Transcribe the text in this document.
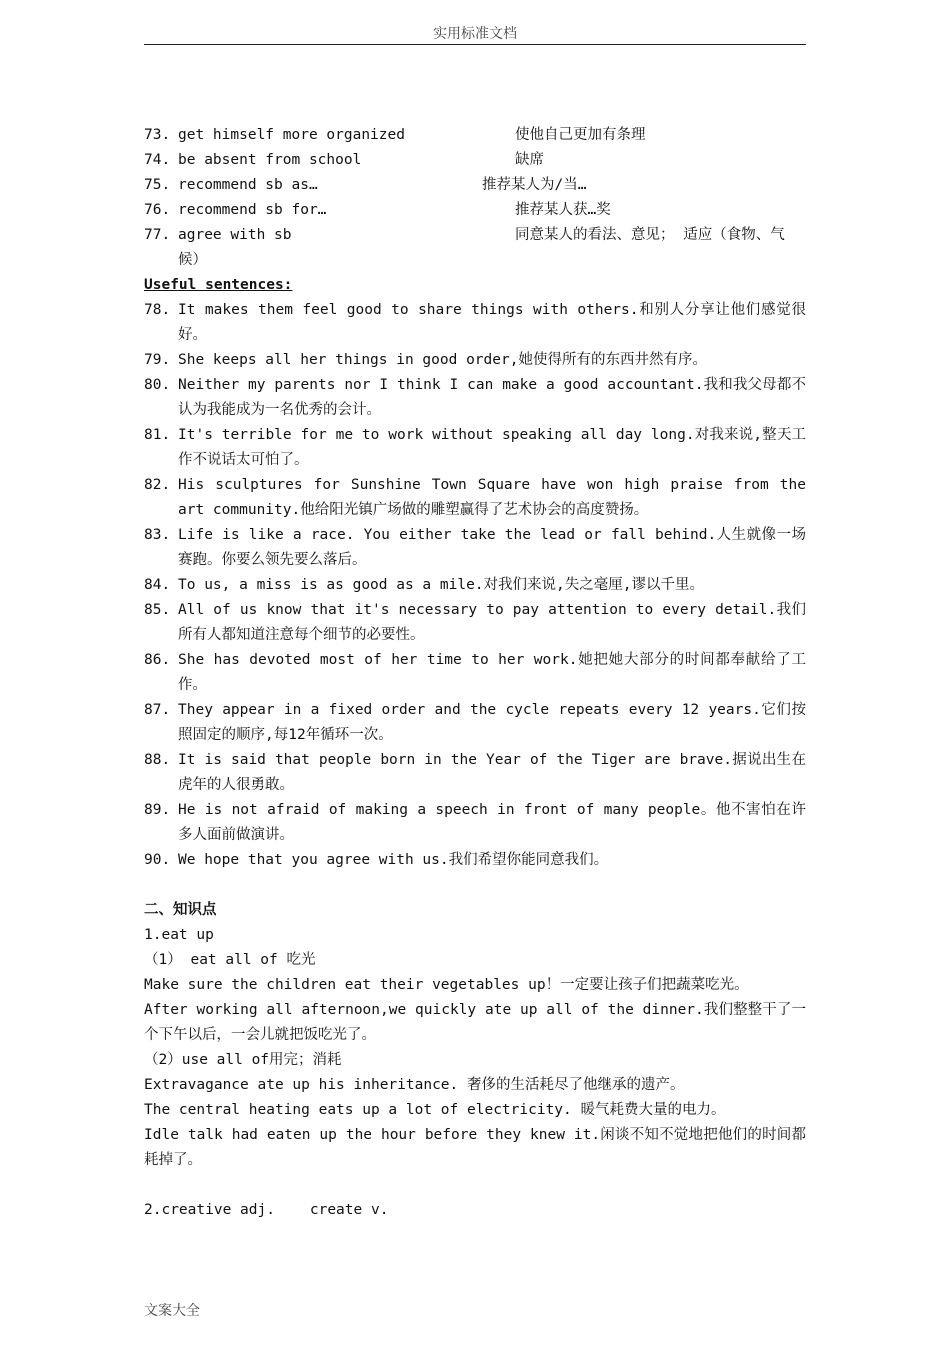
实用标准文档
73. get himself more organized	使他自己更加有条理
74. be absent from school	缺席
75. recommend sb as…	推荐某人为/当…
76. recommend sb for…	推荐某人获…奖
77. agree with sb	同意某人的看法、意见； 适应（食物、气
候）
Useful sentences:
78. It makes them feel good to share things with others.和别人分享让他们感觉很好。
79. She keeps all her things in good order,她使得所有的东西井然有序。
80. Neither my parents nor I think I can make a good accountant.我和我父母都不认为我能成为一名优秀的会计。
81. It's terrible for me to work without speaking all day long.对我来说,整天工作不说话太可怕了。
82. His sculptures for Sunshine Town Square have won high praise from the art community.他给阳光镇广场做的雕塑赢得了艺术协会的高度赞扬。
83. Life is like a race. You either take the lead or fall behind.人生就像一场赛跑。你要么领先要么落后。
84. To us, a miss is as good as a mile.对我们来说,失之毫厘,谬以千里。
85. All of us know that it's necessary to pay attention to every detail.我们所有人都知道注意每个细节的必要性。
86. She has devoted most of her time to her work.她把她大部分的时间都奉献给了工作。
87. They appear in a fixed order and the cycle repeats every 12 years.它们按照固定的顺序,每12年循环一次。
88. It is said that people born in the Year of the Tiger are brave.据说出生在虎年的人很勇敢。
89. He is not afraid of making a speech in front of many people。他不害怕在许多人面前做演讲。
90. We hope that you agree with us.我们希望你能同意我们。
二、知识点
1.eat up
（1） eat all of 吃光
Make sure the children eat their vegetables up！一定要让孩子们把蔬菜吃光。
After working all afternoon,we quickly ate up all of the dinner.我们整整干了一个下午以后，一会儿就把饭吃光了。
（2）use all of用完；消耗
Extravagance ate up his inheritance. 奢侈的生活耗尽了他继承的遗产。
The central heating eats up a lot of electricity. 暖气耗费大量的电力。
Idle talk had eaten up the hour before they knew it.闲谈不知不觉地把他们的时间都耗掉了。
2.creative adj.    create v.
文案大全
